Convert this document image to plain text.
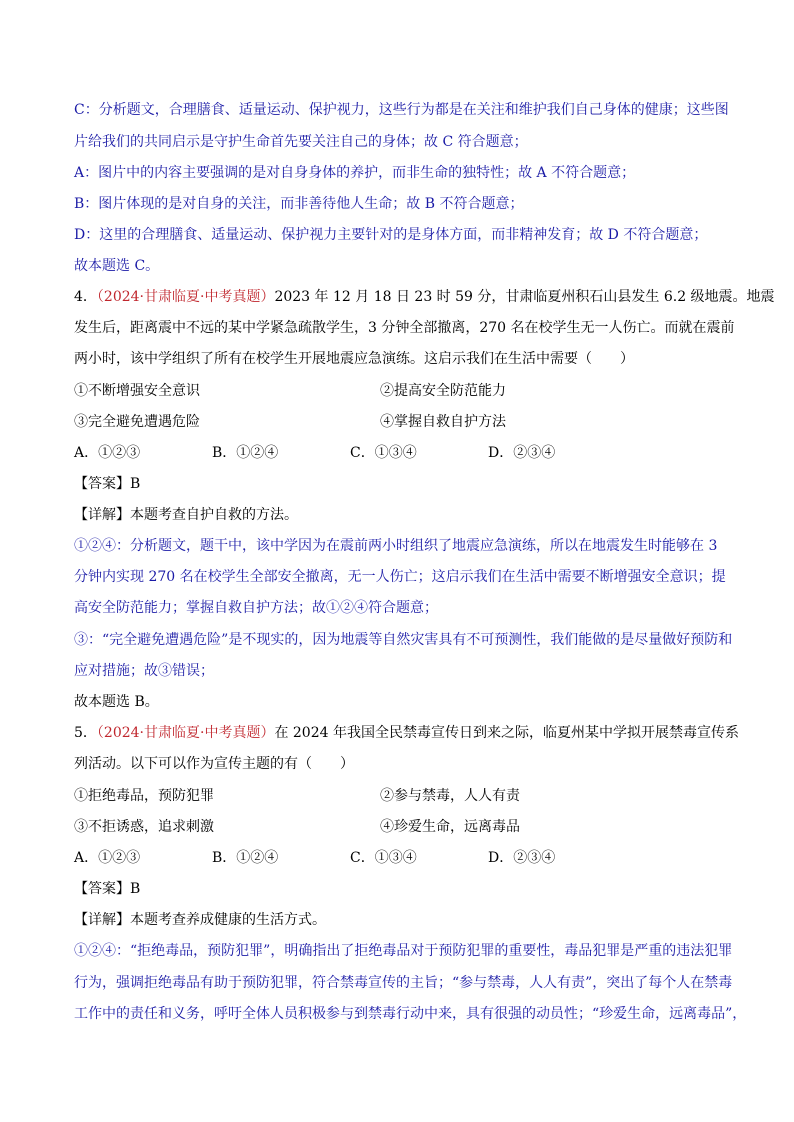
C：分析题文，合理膳食、适量运动、保护视力，这些行为都是在关注和维护我们自己身体的健康；这些图
片给我们的共同启示是守护生命首先要关注自己的身体；故 C 符合题意；
A：图片中的内容主要强调的是对自身身体的养护，而非生命的独特性；故 A 不符合题意；
B：图片体现的是对自身的关注，而非善待他人生命；故 B 不符合题意；
D：这里的合理膳食、适量运动、保护视力主要针对的是身体方面，而非精神发育；故 D 不符合题意；
故本题选 C。
4．（2024·甘肃临夏·中考真题）2023 年 12 月 18 日 23 时 59 分，甘肃临夏州积石山县发生 6.2 级地震。地震
发生后，距离震中不远的某中学紧急疏散学生，3 分钟全部撤离，270 名在校学生无一人伤亡。而就在震前
两小时，该中学组织了所有在校学生开展地震应急演练。这启示我们在生活中需要（　　）
①不断增强安全意识	②提高安全防范能力
③完全避免遭遇危险	④掌握自救自护方法
A．①②③	B．①②④	C．①③④	D．②③④
【答案】B
【详解】本题考查自护自救的方法。
①②④：分析题文，题干中，该中学因为在震前两小时组织了地震应急演练，所以在地震发生时能够在 3
分钟内实现 270 名在校学生全部安全撤离，无一人伤亡；这启示我们在生活中需要不断增强安全意识；提
高安全防范能力；掌握自救自护方法；故①②④符合题意；
③：“完全避免遭遇危险”是不现实的，因为地震等自然灾害具有不可预测性，我们能做的是尽量做好预防和
应对措施；故③错误；
故本题选 B。
5．（2024·甘肃临夏·中考真题）在 2024 年我国全民禁毒宣传日到来之际，临夏州某中学拟开展禁毒宣传系
列活动。以下可以作为宣传主题的有（　　）
①拒绝毒品，预防犯罪	②参与禁毒，人人有责
③不拒诱惑，追求刺激	④珍爱生命，远离毒品
A．①②③	B．①②④	C．①③④	D．②③④
【答案】B
【详解】本题考查养成健康的生活方式。
①②④：“拒绝毒品，预防犯罪”，明确指出了拒绝毒品对于预防犯罪的重要性，毒品犯罪是严重的违法犯罪
行为，强调拒绝毒品有助于预防犯罪，符合禁毒宣传的主旨；“参与禁毒，人人有责”，突出了每个人在禁毒
工作中的责任和义务，呼吁全体人员积极参与到禁毒行动中来，具有很强的动员性；“珍爱生命，远离毒品”，
